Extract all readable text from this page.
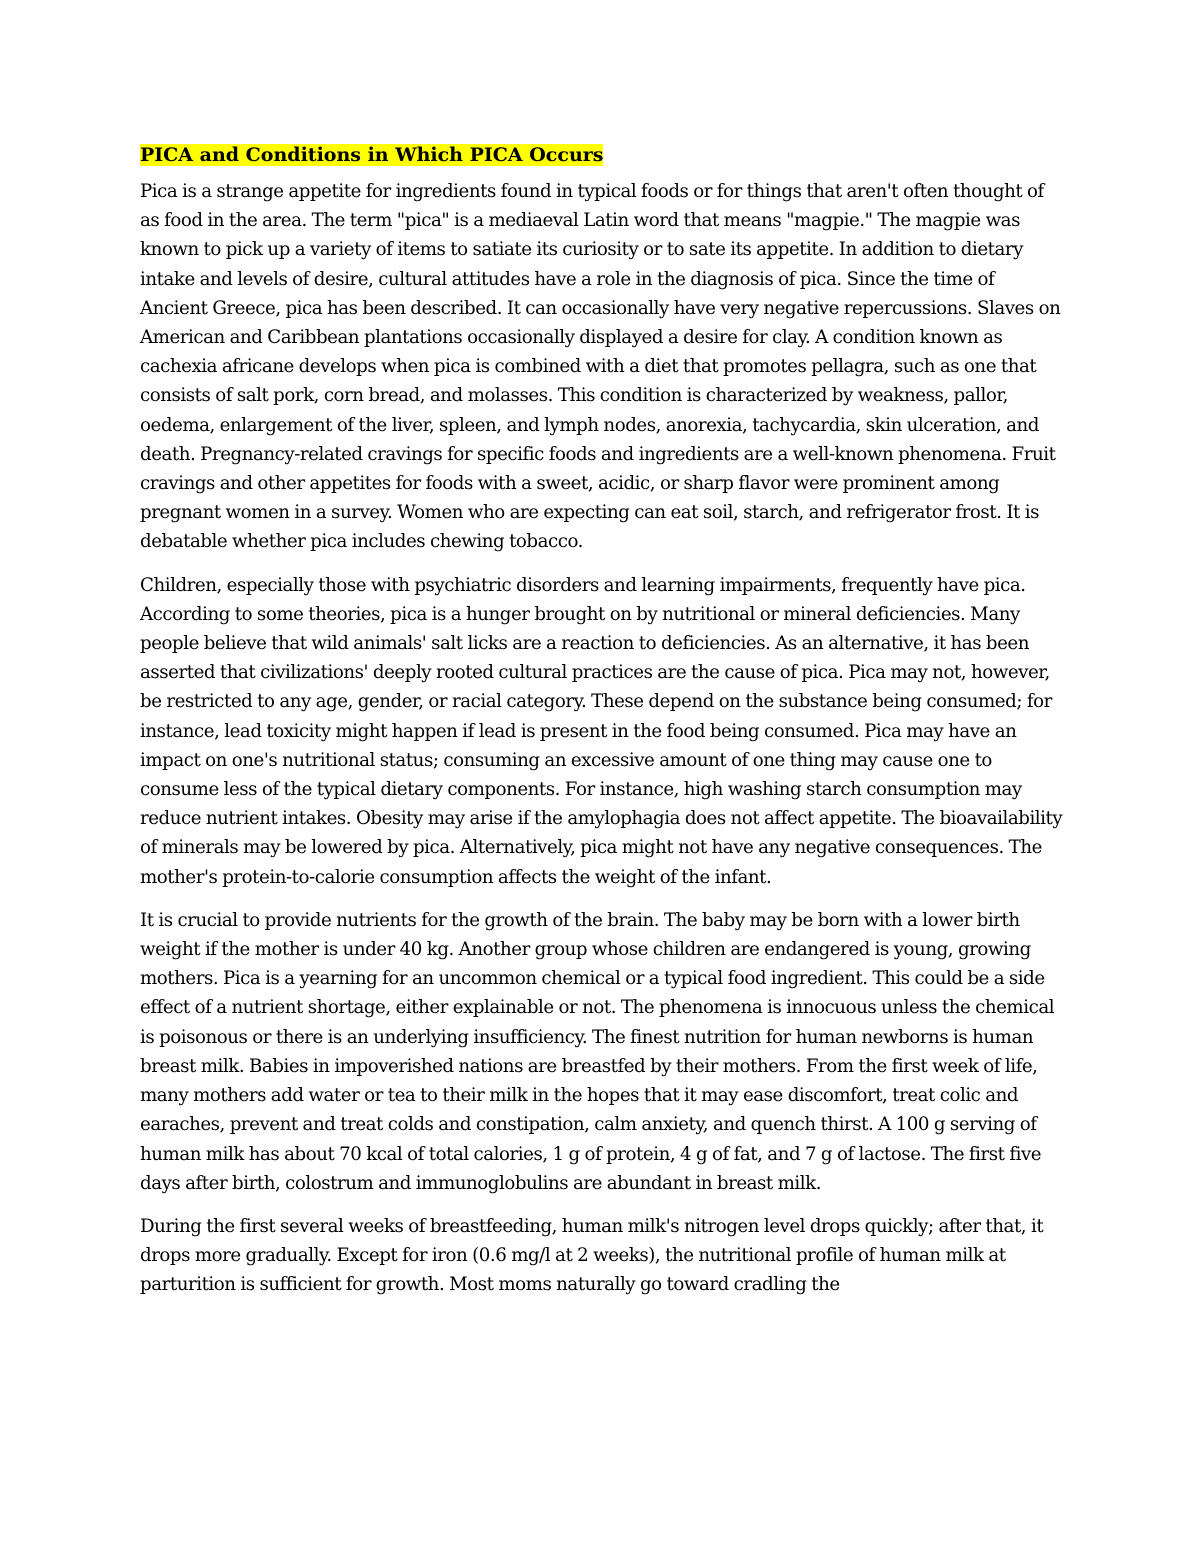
PICA and Conditions in Which PICA Occurs

Pica is a strange appetite for ingredients found in typical foods or for things that aren't often thought of as food in the area. The term "pica" is a mediaeval Latin word that means "magpie." The magpie was known to pick up a variety of items to satiate its curiosity or to sate its appetite. In addition to dietary intake and levels of desire, cultural attitudes have a role in the diagnosis of pica. Since the time of Ancient Greece, pica has been described. It can occasionally have very negative repercussions. Slaves on American and Caribbean plantations occasionally displayed a desire for clay. A condition known as cachexia africane develops when pica is combined with a diet that promotes pellagra, such as one that consists of salt pork, corn bread, and molasses. This condition is characterized by weakness, pallor, oedema, enlargement of the liver, spleen, and lymph nodes, anorexia, tachycardia, skin ulceration, and death. Pregnancy-related cravings for specific foods and ingredients are a well-known phenomena. Fruit cravings and other appetites for foods with a sweet, acidic, or sharp flavor were prominent among pregnant women in a survey. Women who are expecting can eat soil, starch, and refrigerator frost. It is debatable whether pica includes chewing tobacco.

Children, especially those with psychiatric disorders and learning impairments, frequently have pica. According to some theories, pica is a hunger brought on by nutritional or mineral deficiencies. Many people believe that wild animals' salt licks are a reaction to deficiencies. As an alternative, it has been asserted that civilizations' deeply rooted cultural practices are the cause of pica. Pica may not, however, be restricted to any age, gender, or racial category. These depend on the substance being consumed; for instance, lead toxicity might happen if lead is present in the food being consumed. Pica may have an impact on one's nutritional status; consuming an excessive amount of one thing may cause one to consume less of the typical dietary components. For instance, high washing starch consumption may reduce nutrient intakes. Obesity may arise if the amylophagia does not affect appetite. The bioavailability of minerals may be lowered by pica. Alternatively, pica might not have any negative consequences. The mother's protein-to-calorie consumption affects the weight of the infant.

It is crucial to provide nutrients for the growth of the brain. The baby may be born with a lower birth weight if the mother is under 40 kg. Another group whose children are endangered is young, growing mothers. Pica is a yearning for an uncommon chemical or a typical food ingredient. This could be a side effect of a nutrient shortage, either explainable or not. The phenomena is innocuous unless the chemical is poisonous or there is an underlying insufficiency. The finest nutrition for human newborns is human breast milk. Babies in impoverished nations are breastfed by their mothers. From the first week of life, many mothers add water or tea to their milk in the hopes that it may ease discomfort, treat colic and earaches, prevent and treat colds and constipation, calm anxiety, and quench thirst. A 100 g serving of human milk has about 70 kcal of total calories, 1 g of protein, 4 g of fat, and 7 g of lactose. The first five days after birth, colostrum and immunoglobulins are abundant in breast milk.

During the first several weeks of breastfeeding, human milk's nitrogen level drops quickly; after that, it drops more gradually. Except for iron (0.6 mg/l at 2 weeks), the nutritional profile of human milk at parturition is sufficient for growth. Most moms naturally go toward cradling the
